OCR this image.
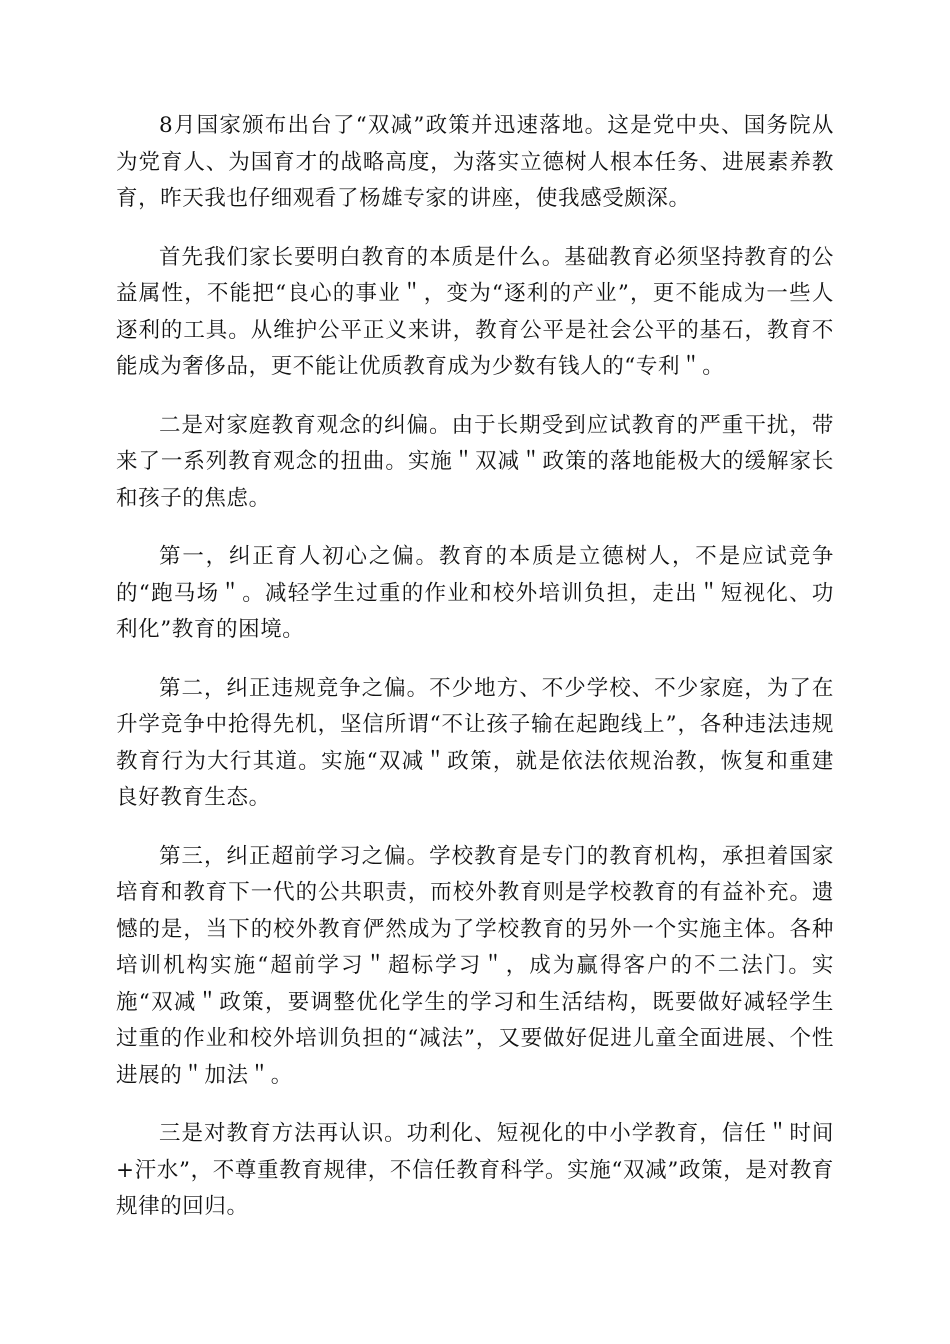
8月国家颁布出台了“双减”政策并迅速落地。这是党中央、国务院从为党育人、为国育才的战略高度，为落实立德树人根本任务、进展素养教育，昨天我也仔细观看了杨雄专家的讲座，使我感受颇深。

首先我们家长要明白教育的本质是什么。基础教育必须坚持教育的公益属性，不能把“良心的事业＂，变为“逐利的产业”，更不能成为一些人逐利的工具。从维护公平正义来讲，教育公平是社会公平的基石，教育不能成为奢侈品，更不能让优质教育成为少数有钱人的“专利＂。

二是对家庭教育观念的纠偏。由于长期受到应试教育的严重干扰，带来了一系列教育观念的扭曲。实施＂双减＂政策的落地能极大的缓解家长和孩子的焦虑。

第一，纠正育人初心之偏。教育的本质是立德树人，不是应试竞争的“跑马场＂。减轻学生过重的作业和校外培训负担，走出＂短视化、功利化”教育的困境。

第二，纠正违规竞争之偏。不少地方、不少学校、不少家庭，为了在升学竞争中抢得先机，坚信所谓“不让孩子输在起跑线上”，各种违法违规教育行为大行其道。实施“双减＂政策，就是依法依规治教，恢复和重建良好教育生态。

第三，纠正超前学习之偏。学校教育是专门的教育机构，承担着国家培育和教育下一代的公共职责，而校外教育则是学校教育的有益补充。遗憾的是，当下的校外教育俨然成为了学校教育的另外一个实施主体。各种培训机构实施“超前学习＂超标学习＂，成为赢得客户的不二法门。实施“双减＂政策，要调整优化学生的学习和生活结构，既要做好减轻学生过重的作业和校外培训负担的“减法”，又要做好促进儿童全面进展、个性进展的＂加法＂。

三是对教育方法再认识。功利化、短视化的中小学教育，信任＂时间+汗水”，不尊重教育规律，不信任教育科学。实施“双减”政策，是对教育规律的回归。
